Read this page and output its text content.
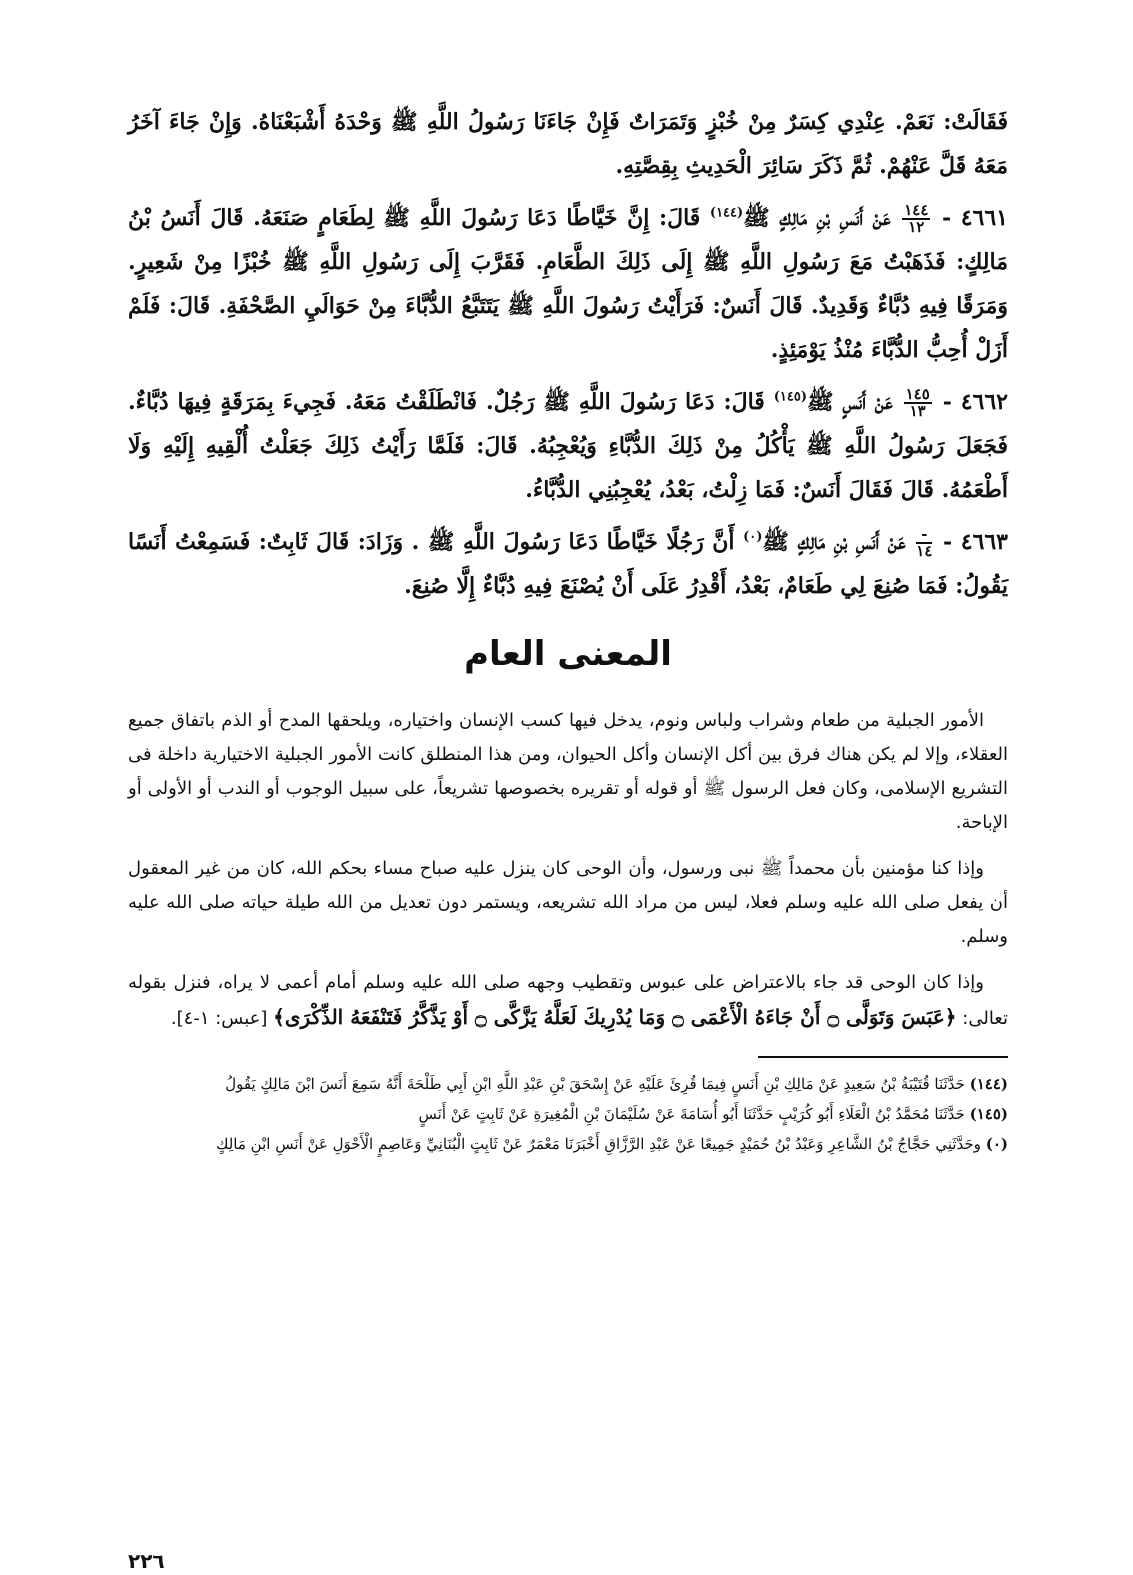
فَقَالَتْ: نَعَمْ. عِنْدِي كِسَرٌ مِنْ خُبْزٍ وَتَمَرَاتٌ فَإِنْ جَاءَنَا رَسُولُ اللَّهِ ﷺ وَحْدَهُ أَشْبَعْنَاهُ. وَإِنْ جَاءَ آخَرُ مَعَهُ قَلَّ عَنْهُمْ. ثُمَّ ذَكَرَ سَائِرَ الْحَدِيثِ بِقِصَّتِهِ.

٤٦٦١ -
$\frac{١٤٤}{١٢}$
عَنْ أَنَسِ بْنِ مَالِكٍ ﷺ$^{(١٤٤)}$ قَالَ: إِنَّ خَيَّاطًا دَعَا رَسُولَ اللَّهِ ﷺ لِطَعَامٍ صَنَعَهُ. قَالَ أَنَسُ بْنُ مَالِكٍ: فَذَهَبْتُ مَعَ رَسُولِ اللَّهِ ﷺ إِلَى ذَلِكَ الطَّعَامِ. فَقَرَّبَ إِلَى رَسُولِ اللَّهِ ﷺ خُبْزًا مِنْ شَعِيرٍ. وَمَرَقًا فِيهِ دُبَّاءٌ وَقَدِيدٌ. قَالَ أَنَسٌ: فَرَأَيْتُ رَسُولَ اللَّهِ ﷺ يَتَتَبَّعُ الدُّبَّاءَ مِنْ حَوَالَيِ الصَّحْفَةِ. قَالَ: فَلَمْ أَزَلْ أُحِبُّ الدُّبَّاءَ مُنْذُ يَوْمَئِذٍ.

٤٦٦٢ -
$\frac{١٤٥}{١٣}$
عَنْ أَنَسٍ ﷺ$^{(١٤٥)}$ قَالَ: دَعَا رَسُولَ اللَّهِ ﷺ رَجُلٌ. فَانْطَلَقْتُ مَعَهُ. فَجِيءَ بِمَرَقَةٍ فِيهَا دُبَّاءٌ. فَجَعَلَ رَسُولُ اللَّهِ ﷺ يَأْكُلُ مِنْ ذَلِكَ الدُّبَّاءِ وَيُعْجِبُهُ. قَالَ: فَلَمَّا رَأَيْتُ ذَلِكَ جَعَلْتُ أُلْقِيهِ إِلَيْهِ وَلَا أَطْعَمُهُ. قَالَ فَقَالَ أَنَسٌ: فَمَا زِلْتُ، بَعْدُ، يُعْجِبُنِي الدُّبَّاءُ.

٤٦٦٣ -
$\frac{-}{١٤}$
عَنْ أَنَسِ بْنِ مَالِكٍ ﷺ$^{(٠)}$ أَنَّ رَجُلًا خَيَّاطًا دَعَا رَسُولَ اللَّهِ ﷺ . وَزَادَ: قَالَ ثَابِتٌ: فَسَمِعْتُ أَنَسًا يَقُولُ: فَمَا صُنِعَ لِي طَعَامٌ، بَعْدُ، أَقْدِرُ عَلَى أَنْ يُصْنَعَ فِيهِ دُبَّاءٌ إِلَّا صُنِعَ.

المعنى العام

الأمور الجبلية من طعام وشراب ولباس ونوم، يدخل فيها كسب الإنسان واختياره، ويلحقها المدح أو الذم باتفاق جميع العقلاء، وإلا لم يكن هناك فرق بين أكل الإنسان وأكل الحيوان، ومن هذا المنطلق كانت الأمور الجبلية الاختيارية داخلة فى التشريع الإسلامى، وكان فعل الرسول ﷺ أو قوله أو تقريره بخصوصها تشريعاً، على سبيل الوجوب أو الندب أو الأولى أو الإباحة.

وإذا كنا مؤمنين بأن محمداً ﷺ نبى ورسول، وأن الوحى كان ينزل عليه صباح مساء بحكم الله، كان من غير المعقول أن يفعل صلى الله عليه وسلم فعلا، ليس من مراد الله تشريعه، ويستمر دون تعديل من الله طيلة حياته صلى الله عليه وسلم.

وإذا كان الوحى قد جاء بالاعتراض على عبوس وتقطيب وجهه صلى الله عليه وسلم أمام أعمى لا يراه، فنزل بقوله تعالى: ﴿عَبَسَ وَتَوَلَّى ۝ أَنْ جَاءَهُ الْأَعْمَى ۝ وَمَا يُدْرِيكَ لَعَلَّهُ يَزَّكَّى ۝ أَوْ يَذَّكَّرُ فَتَنْفَعَهُ الذِّكْرَى﴾ [عبس: ١-٤].

(١٤٤) حَدَّثَنَا قُتَيْبَةُ بْنُ سَعِيدٍ عَنْ مَالِكِ بْنِ أَنَسٍ فِيمَا قُرِئَ عَلَيْهِ عَنْ إِسْحَقَ بْنِ عَبْدِ اللَّهِ ابْنِ أَبِي طَلْحَةَ أَنَّهُ سَمِعَ أَنَسَ ابْنَ مَالِكٍ يَقُولُ

(١٤٥) حَدَّثَنَا مُحَمَّدُ بْنُ الْعَلَاءِ أَبُو كُرَيْبٍ حَدَّثَنَا أَبُو أُسَامَةَ عَنْ سُلَيْمَانَ بْنِ الْمُغِيرَةِ عَنْ ثَابِتٍ عَنْ أَنَسٍ

(٠) وحَدَّثَنِي حَجَّاجُ بْنُ الشَّاعِرِ وَعَبْدُ بْنُ حُمَيْدٍ جَمِيعًا عَنْ عَبْدِ الرَّزَّاقِ أَخْبَرَنَا مَعْمَرٌ عَنْ ثَابِتٍ الْبُنَانِيِّ وَعَاصِمٍ الْأَحْوَلِ عَنْ أَنَسِ ابْنِ مَالِكٍ

٢٢٦
